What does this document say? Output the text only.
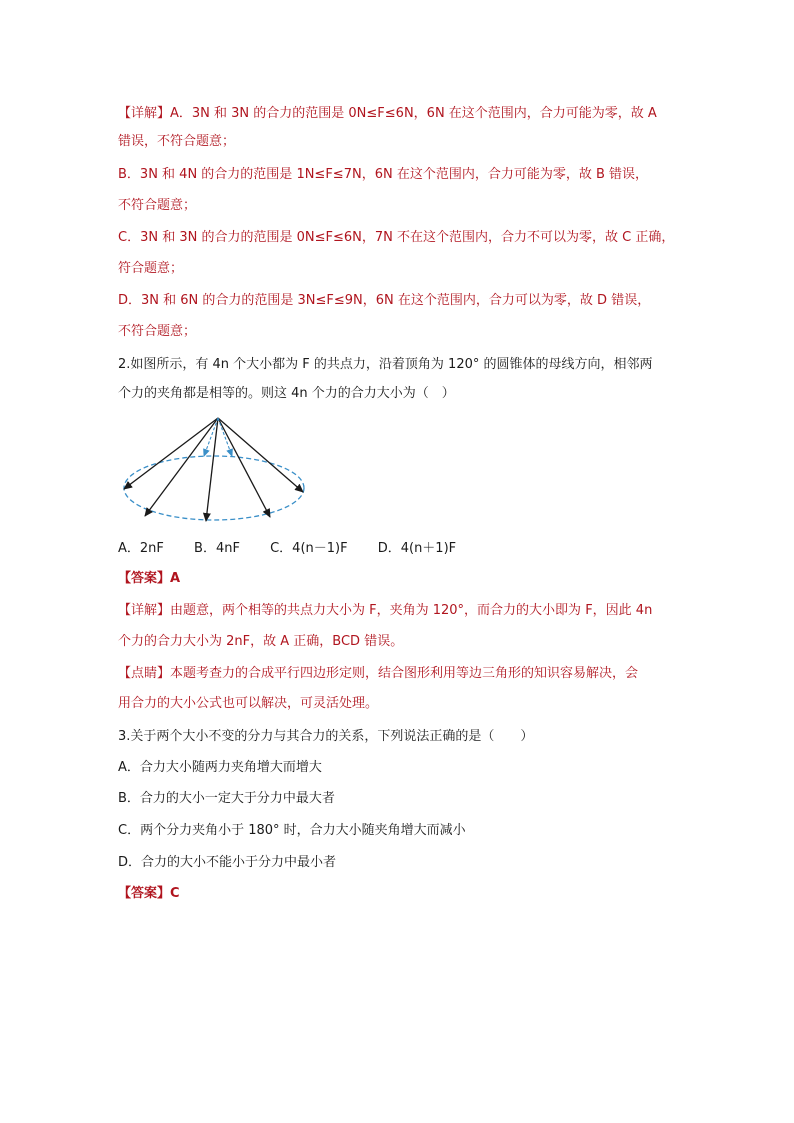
【详解】A．3N 和 3N 的合力的范围是 0N≤F≤6N，6N 在这个范围内，合力可能为零，故 A
错误，不符合题意；
B．3N 和 4N 的合力的范围是 1N≤F≤7N，6N 在这个范围内，合力可能为零，故 B 错误，
不符合题意；
C．3N 和 3N 的合力的范围是 0N≤F≤6N，7N 不在这个范围内，合力不可以为零，故 C 正确，
符合题意；
D．3N 和 6N 的合力的范围是 3N≤F≤9N，6N 在这个范围内，合力可以为零，故 D 错误，
不符合题意；
2.如图所示，有 4n 个大小都为 F 的共点力，沿着顶角为 120° 的圆锥体的母线方向，相邻两
个力的夹角都是相等的。则这 4n 个力的合力大小为（　）
A．2nF B．4nF C．4(n－1)F D．4(n＋1)F
【答案】A
【详解】由题意，两个相等的共点力大小为 F，夹角为 120°，而合力的大小即为 F，因此 4n
个力的合力大小为 2nF，故 A 正确，BCD 错误。
【点睛】本题考查力的合成平行四边形定则，结合图形利用等边三角形的知识容易解决，会
用合力的大小公式也可以解决，可灵活处理。
3.关于两个大小不变的分力与其合力的关系，下列说法正确的是（　　）
A．合力大小随两力夹角增大而增大
B．合力的大小一定大于分力中最大者
C．两个分力夹角小于 180° 时，合力大小随夹角增大而减小
D．合力的大小不能小于分力中最小者
【答案】C
